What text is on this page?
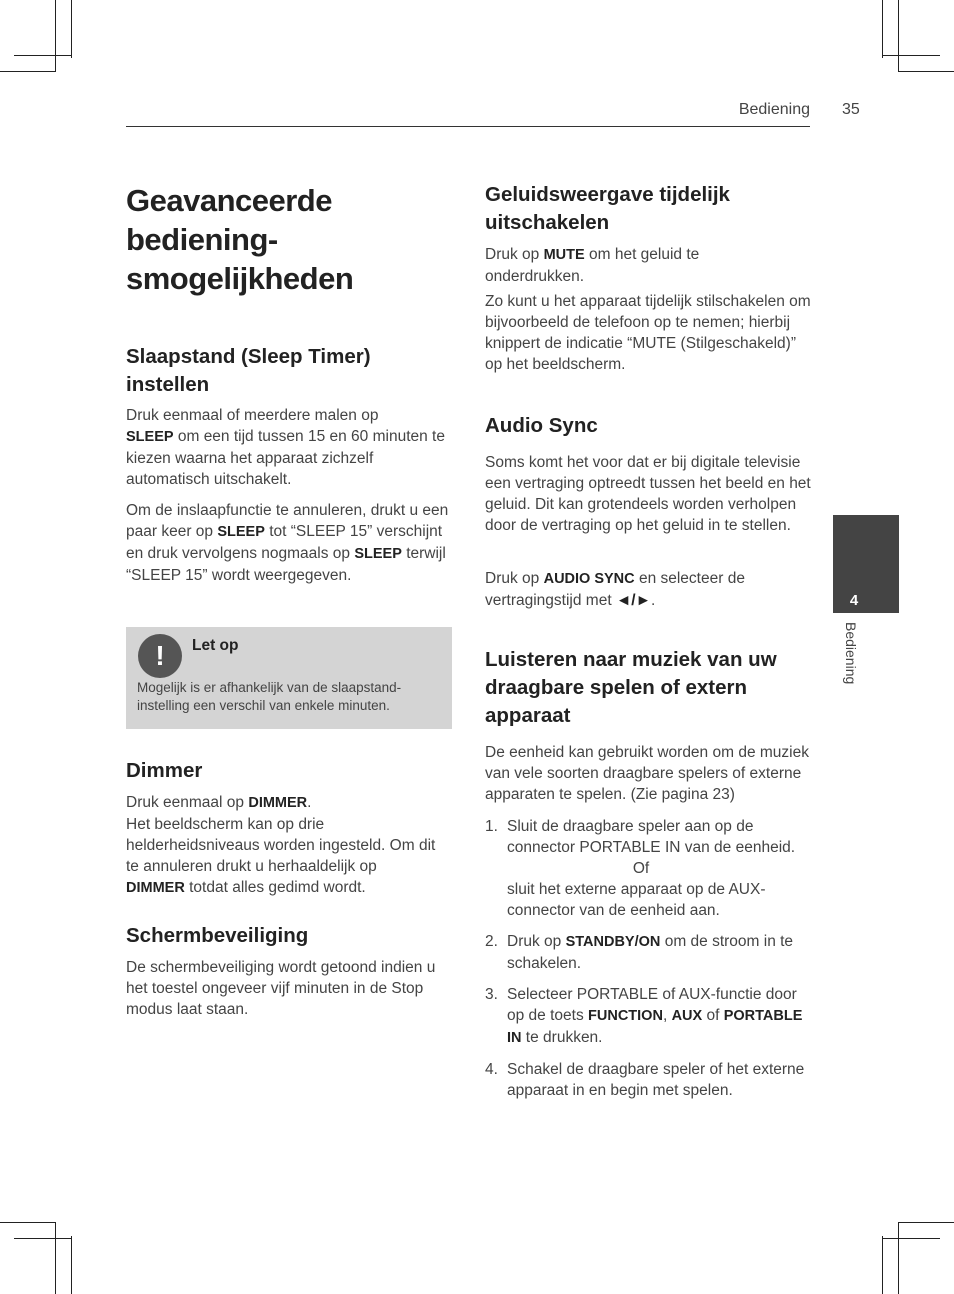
Bediening 35
4
Bediening
Geavanceerde bediening-smogelijkheden
Slaapstand (Sleep Timer) instellen

Druk eenmaal of meerdere malen op
SLEEP om een tijd tussen 15 en 60 minuten te kiezen waarna het apparaat zichzelf automatisch uitschakelt.

Om de inslaapfunctie te annuleren, drukt u een paar keer op SLEEP tot “SLEEP 15” verschijnt en druk vervolgens nogmaals op SLEEP terwijl “SLEEP 15” wordt weergegeven.

!	Let op

Mogelijk is er afhankelijk van de slaapstand-instelling een verschil van enkele minuten.

Dimmer

Druk eenmaal op DIMMER.
Het beeldscherm kan op drie helderheidsniveaus worden ingesteld. Om dit te annuleren drukt u herhaaldelijk op
DIMMER totdat alles gedimd wordt.

Schermbeveiliging

De schermbeveiliging wordt getoond indien u het toestel ongeveer vijf minuten in de Stop modus laat staan.

Geluidsweergave tijdelijk uitschakelen

Druk op MUTE om het geluid te onderdrukken.

Zo kunt u het apparaat tijdelijk stilschakelen om bijvoorbeeld de telefoon op te nemen; hierbij knippert de indicatie “MUTE (Stilgeschakeld)” op het beeldscherm.

Audio Sync

Soms komt het voor dat er bij digitale televisie een vertraging optreedt tussen het beeld en het geluid. Dit kan grotendeels worden verholpen door de vertraging op het geluid in te stellen.

Druk op AUDIO SYNC en selecteer de vertragingstijd met ◄/►.

Luisteren naar muziek van uw draagbare spelen of extern apparaat

De eenheid kan gebruikt worden om de muziek van vele soorten draagbare spelers of externe apparaten te spelen. (Zie pagina 23)

1. Sluit de draagbare speler aan op de connector PORTABLE IN van de eenheid.
Of
sluit het externe apparaat op de AUX-connector van de eenheid aan.
2. Druk op STANDBY/ON om de stroom in te schakelen.
3. Selecteer PORTABLE of AUX-functie door op de toets FUNCTION, AUX of PORTABLE IN te drukken.
4. Schakel de draagbare speler of het externe apparaat in en begin met spelen.
